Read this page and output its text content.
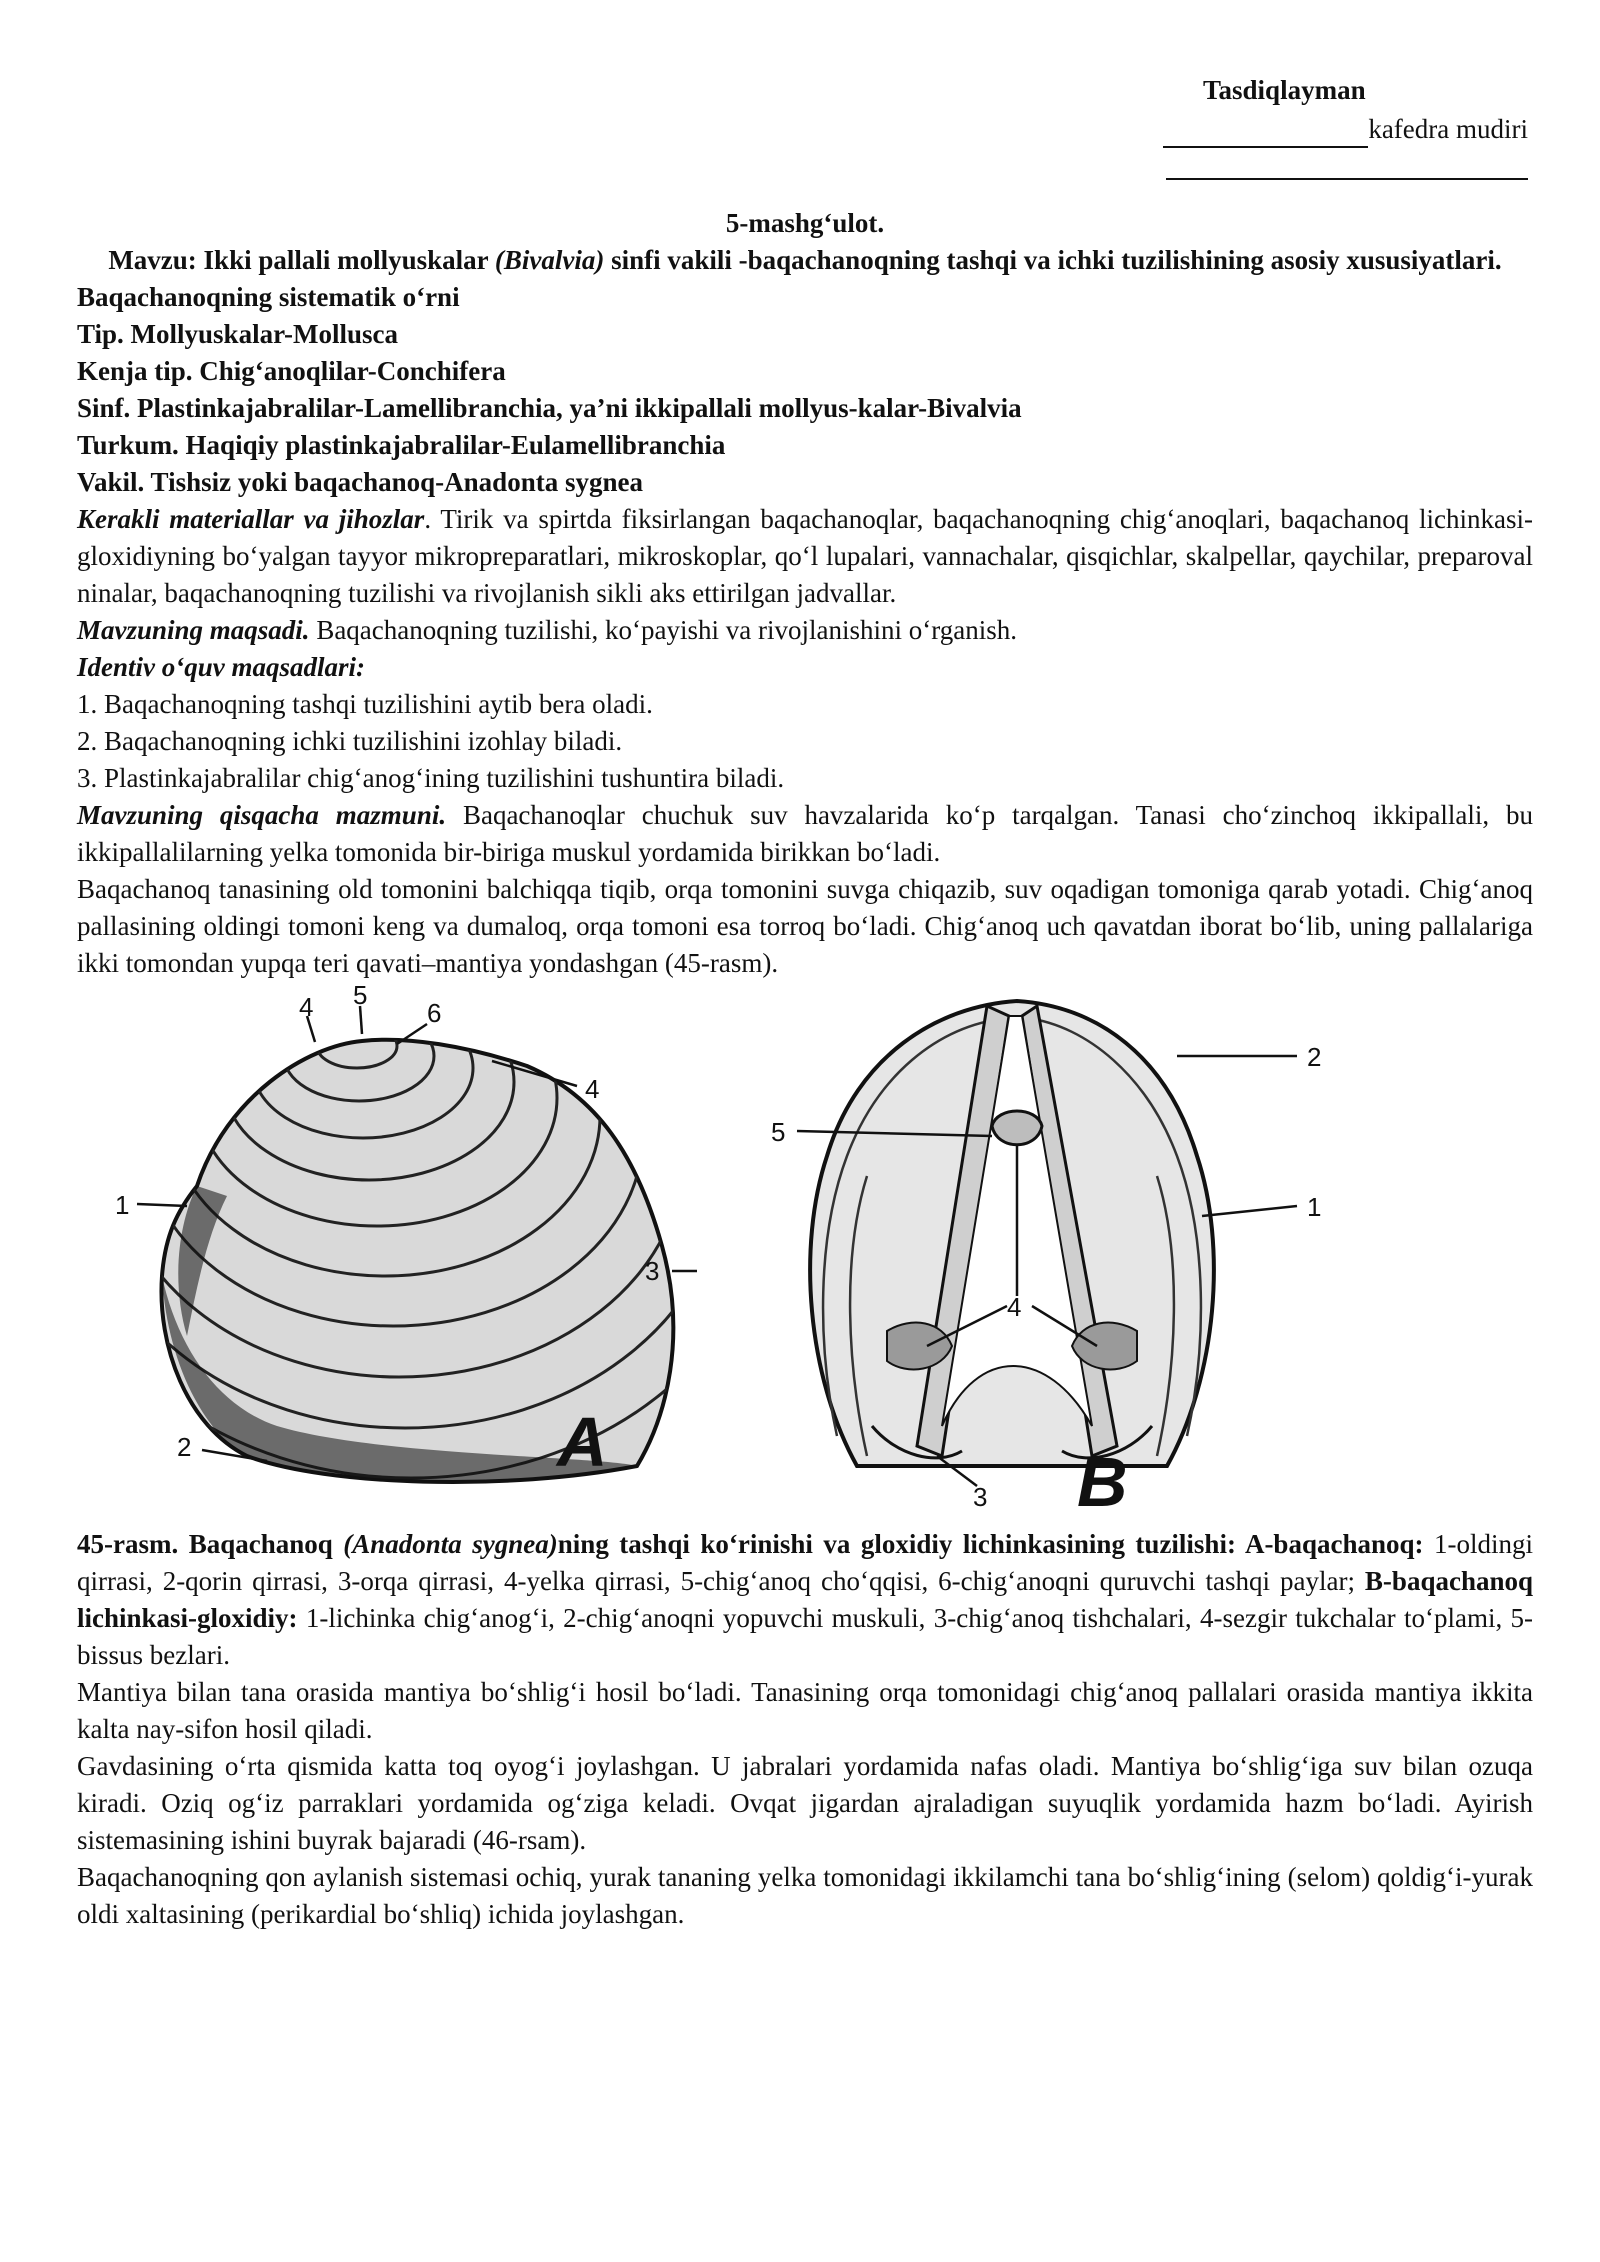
Tasdiqlayman
kafedra mudiri
5-mashg‘ulot.
Mavzu: Ikki pallali mollyuskalar (Bivalvia) sinfi vakili -baqachanoqning tashqi va ichki tuzilishining asosiy xususiyatlari.
Baqachanoqning sistematik o‘rni
Tip. Mollyuskalar-Mollusca
Kenja tip. Chig‘anoqlilar-Conchifera
Sinf. Plastinkajabralilar-Lamellibranchia, ya’ni ikkipallali mollyus-kalar-Bivalvia
Turkum. Haqiqiy plastinkajabralilar-Eulamellibranchia
Vakil. Tishsiz yoki baqachanoq-Anadonta sygnea

Kerakli materiallar va jihozlar. Tirik va spirtda fiksirlangan baqachanoqlar, baqachanoqning chig‘anoqlari, baqachanoq lichinkasi-gloxidiyning bo‘yalgan tayyor mikropreparatlari, mikroskoplar, qo‘l lupalari, vannachalar, qisqichlar, skalpellar, qaychilar, preparoval ninalar, baqachanoqning tuzilishi va rivojlanish sikli aks ettirilgan jadvallar.

Mavzuning maqsadi. Baqachanoqning tuzilishi, ko‘payishi va rivojlanishini o‘rganish.

Identiv o‘quv maqsadlari:
1. Baqachanoqning tashqi tuzilishini aytib bera oladi.
2. Baqachanoqning ichki tuzilishini izohlay biladi.
3. Plastinkajabralilar chig‘anog‘ining tuzilishini tushuntira biladi.

Mavzuning qisqacha mazmuni. Baqachanoqlar chuchuk suv havzalarida ko‘p tarqalgan. Tanasi cho‘zinchoq ikkipallali, bu ikkipallalilarning yelka tomonida bir-biriga muskul yordamida birikkan bo‘ladi.

Baqachanoq tanasining old tomonini balchiqqa tiqib, orqa tomonini suvga chiqazib, suv oqadigan tomoniga qarab yotadi. Chig‘anoq pallasining oldingi tomoni keng va dumaloq, orqa tomoni esa torroq bo‘ladi. Chig‘anoq uch qavatdan iborat bo‘lib, uning pallalariga ikki tomondan yupqa teri qavati–mantiya yondashgan (45-rasm).

1
2
3
4
4 5
6
A
1
2
3
4
5
B

45-rasm. Baqachanoq (Anadonta sygnea)ning tashqi ko‘rinishi va gloxidiy lichinkasining tuzilishi: A-baqachanoq: 1-oldingi qirrasi, 2-qorin qirrasi, 3-orqa qirrasi, 4-yelka qirrasi, 5-chig‘anoq cho‘qqisi, 6-chig‘anoqni quruvchi tashqi paylar; B-baqachanoq lichinkasi-gloxidiy: 1-lichinka chig‘anog‘i, 2-chig‘anoqni yopuvchi muskuli, 3-chig‘anoq tishchalari, 4-sezgir tukchalar to‘plami, 5-bissus bezlari.

Mantiya bilan tana orasida mantiya bo‘shlig‘i hosil bo‘ladi. Tanasining orqa tomonidagi chig‘anoq pallalari orasida mantiya ikkita kalta nay-sifon hosil qiladi.

Gavdasining o‘rta qismida katta toq oyog‘i joylashgan. U jabralari yordamida nafas oladi. Mantiya bo‘shlig‘iga suv bilan ozuqa kiradi. Oziq og‘iz parraklari yordamida og‘ziga keladi. Ovqat jigardan ajraladigan suyuqlik yordamida hazm bo‘ladi. Ayirish sistemasining ishini buyrak bajaradi (46-rsam).

Baqachanoqning qon aylanish sistemasi ochiq, yurak tananing yelka tomonidagi ikkilamchi tana bo‘shlig‘ining (selom) qoldig‘i-yurak oldi xaltasining (perikardial bo‘shliq) ichida joylashgan.
